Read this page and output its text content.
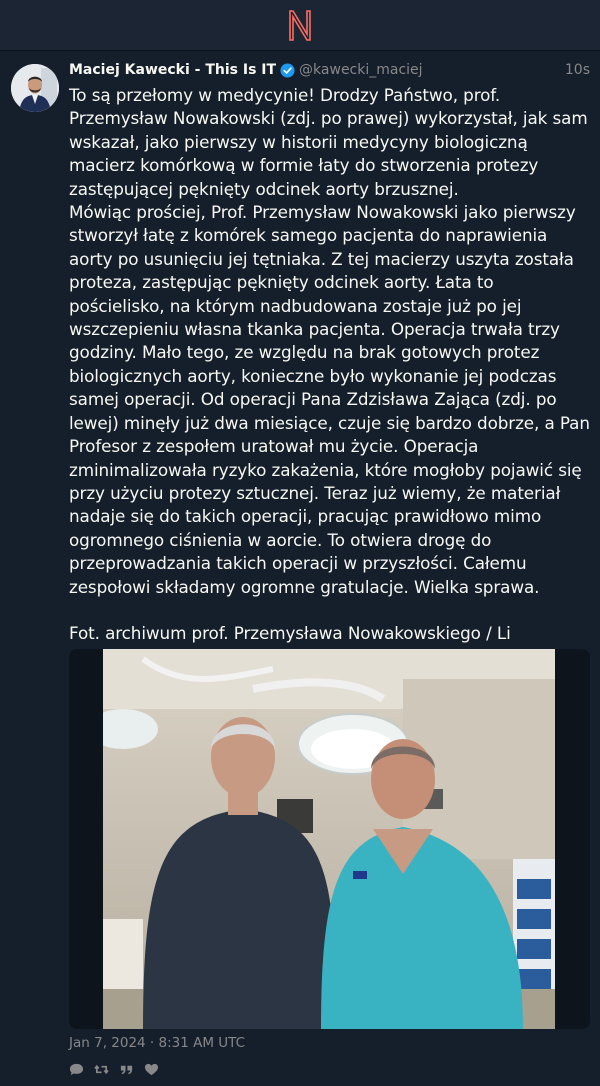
Maciej Kawecki - This Is IT @kawecki_maciej	10s
To są przełomy w medycynie! Drodzy Państwo, prof. Przemysław Nowakowski (zdj. po prawej) wykorzystał, jak sam wskazał, jako pierwszy w historii medycyny biologiczną macierz komórkową w formie łaty do stworzenia protezy zastępującej pęknięty odcinek aorty brzusznej.
Mówiąc prościej, Prof. Przemysław Nowakowski jako pierwszy stworzył łatę z komórek samego pacjenta do naprawienia aorty po usunięciu jej tętniaka. Z tej macierzy uszyta została proteza, zastępując pęknięty odcinek aorty. Łata to pościelisko, na którym nadbudowana zostaje już po jej wszczepieniu własna tkanka pacjenta. Operacja trwała trzy godziny. Mało tego, ze względu na brak gotowych protez biologicznych aorty, konieczne było wykonanie jej podczas samej operacji. Od operacji Pana Zdzisława Zająca (zdj. po lewej) minęły już dwa miesiące, czuje się bardzo dobrze, a Pan Profesor z zespołem uratował mu życie. Operacja zminimalizowała ryzyko zakażenia, które mogłoby pojawić się przy użyciu protezy sztucznej. Teraz już wiemy, że materiał nadaje się do takich operacji, pracując prawidłowo mimo ogromnego ciśnienia w aorcie. To otwiera drogę do przeprowadzania takich operacji w przyszłości. Całemu zespołowi składamy ogromne gratulacje. Wielka sprawa.

Fot. archiwum prof. Przemysława Nowakowskiego / Li
Jan 7, 2024 · 8:31 AM UTC
